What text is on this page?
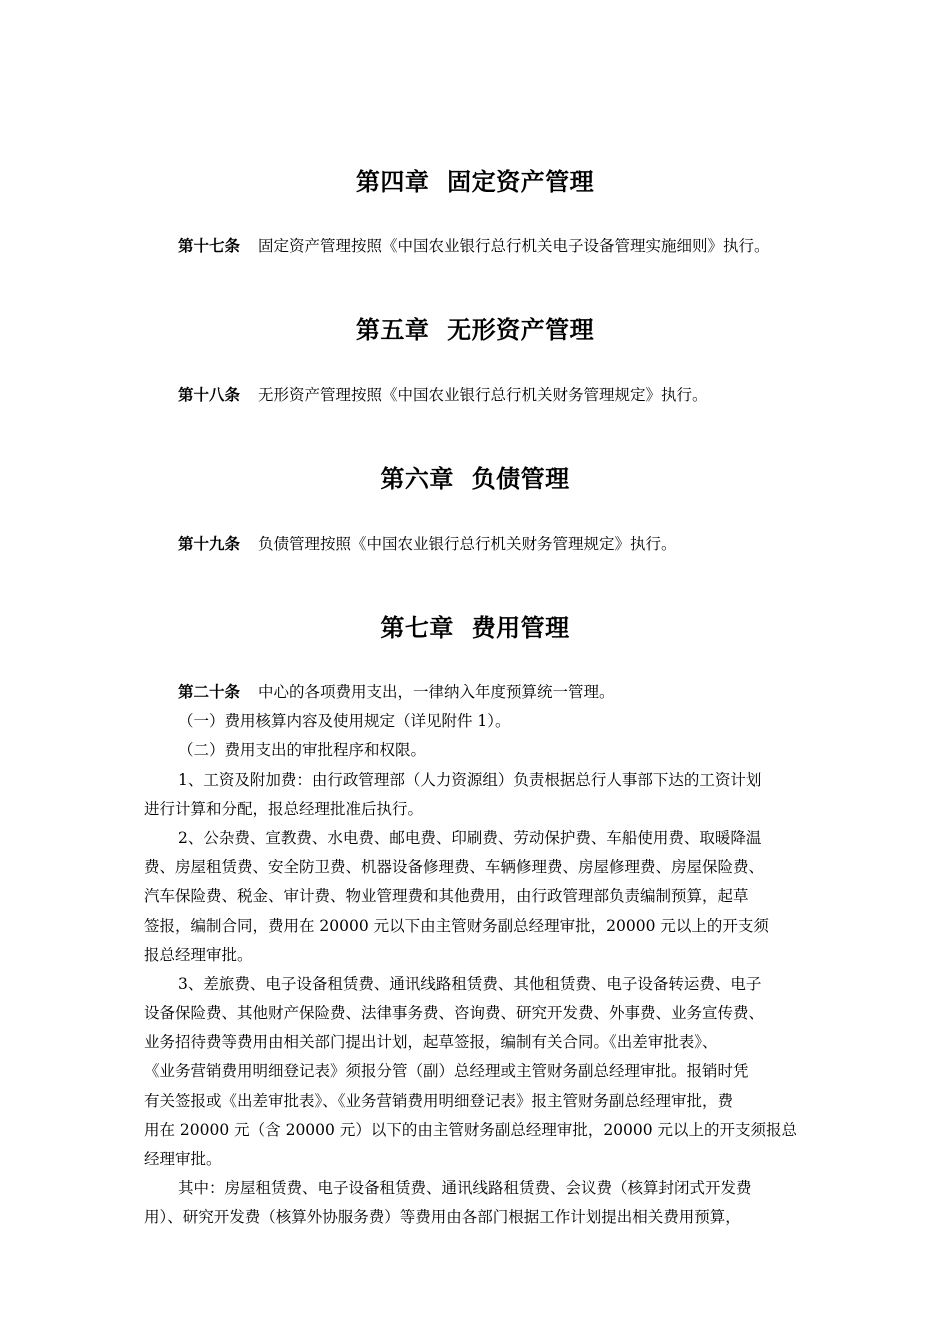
第四章  固定资产管理
第十七条 固定资产管理按照《中国农业银行总行机关电子设备管理实施细则》执行。
第五章  无形资产管理
第十八条 无形资产管理按照《中国农业银行总行机关财务管理规定》执行。
第六章  负债管理
第十九条 负债管理按照《中国农业银行总行机关财务管理规定》执行。
第七章  费用管理
第二十条 中心的各项费用支出，一律纳入年度预算统一管理。
（一）费用核算内容及使用规定（详见附件 1）。
（二）费用支出的审批程序和权限。
1、工资及附加费：由行政管理部（人力资源组）负责根据总行人事部下达的工资计划
进行计算和分配，报总经理批准后执行。
2、公杂费、宣教费、水电费、邮电费、印刷费、劳动保护费、车船使用费、取暖降温
费、房屋租赁费、安全防卫费、机器设备修理费、车辆修理费、房屋修理费、房屋保险费、
汽车保险费、税金、审计费、物业管理费和其他费用，由行政管理部负责编制预算，起草
签报，编制合同，费用在 20000 元以下由主管财务副总经理审批，20000 元以上的开支须
报总经理审批。
3、差旅费、电子设备租赁费、通讯线路租赁费、其他租赁费、电子设备转运费、电子
设备保险费、其他财产保险费、法律事务费、咨询费、研究开发费、外事费、业务宣传费、
业务招待费等费用由相关部门提出计划，起草签报，编制有关合同。《出差审批表》、
《业务营销费用明细登记表》须报分管（副）总经理或主管财务副总经理审批。报销时凭
有关签报或《出差审批表》、《业务营销费用明细登记表》报主管财务副总经理审批，费
用在 20000 元（含 20000 元）以下的由主管财务副总经理审批，20000 元以上的开支须报总
经理审批。
其中：房屋租赁费、电子设备租赁费、通讯线路租赁费、会议费（核算封闭式开发费
用）、研究开发费（核算外协服务费）等费用由各部门根据工作计划提出相关费用预算，
